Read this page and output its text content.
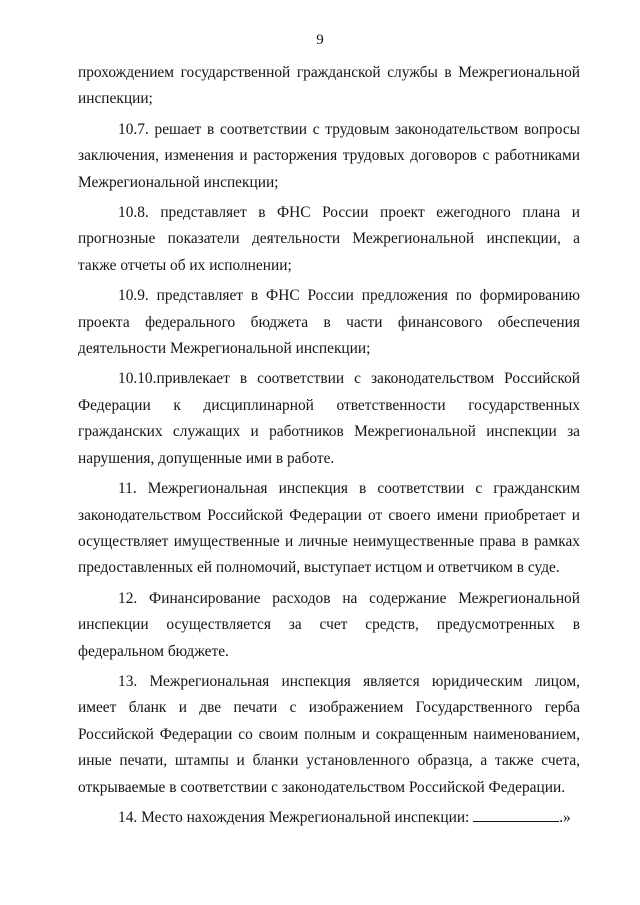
9

прохождением государственной гражданской службы в Межрегиональной инспекции;

10.7. решает в соответствии с трудовым законодательством вопросы заключения, изменения и расторжения трудовых договоров с работниками Межрегиональной инспекции;

10.8. представляет в ФНС России проект ежегодного плана и прогнозные показатели деятельности Межрегиональной инспекции, а также отчеты об их исполнении;

10.9. представляет в ФНС России предложения по формированию проекта федерального бюджета в части финансового обеспечения деятельности Межрегиональной инспекции;

10.10.привлекает в соответствии с законодательством Российской Федерации к дисциплинарной ответственности государственных гражданских служащих и работников Межрегиональной инспекции за нарушения, допущенные ими в работе.

11. Межрегиональная инспекция в соответствии с гражданским законодательством Российской Федерации от своего имени приобретает и осуществляет имущественные и личные неимущественные права в рамках предоставленных ей полномочий, выступает истцом и ответчиком в суде.

12. Финансирование расходов на содержание Межрегиональной инспекции осуществляется за счет средств, предусмотренных в федеральном бюджете.

13. Межрегиональная инспекция является юридическим лицом, имеет бланк и две печати с изображением Государственного герба Российской Федерации со своим полным и сокращенным наименованием, иные печати, штампы и бланки установленного образца, а также счета, открываемые в соответствии с законодательством Российской Федерации.

14. Место нахождения Межрегиональной инспекции:	.»
